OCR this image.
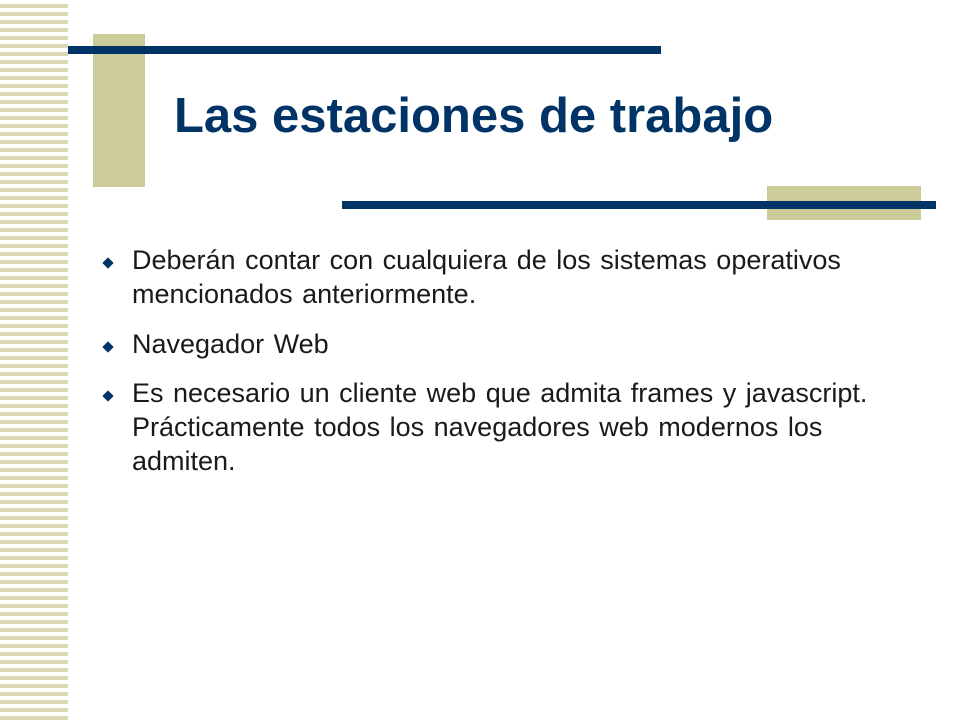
Las estaciones de trabajo
Deberán contar con cualquiera de los sistemas operativos mencionados anteriormente.
Navegador Web
Es necesario un cliente web que admita frames y javascript. Prácticamente todos los navegadores web modernos los admiten.
